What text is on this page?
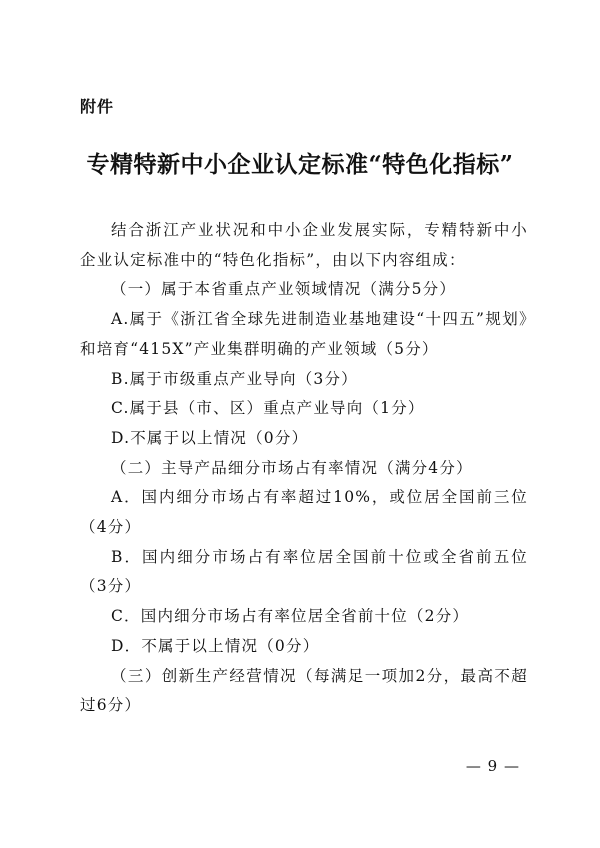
附件
专精特新中小企业认定标准“特色化指标”

结合浙江产业状况和中小企业发展实际，专精特新中小企业认定标准中的“特色化指标”，由以下内容组成：

（一）属于本省重点产业领域情况（满分5分）

A.属于《浙江省全球先进制造业基地建设“十四五”规划》和培育“415X”产业集群明确的产业领域（5分）

B.属于市级重点产业导向（3分）

C.属于县（市、区）重点产业导向（1分）

D.不属于以上情况（0分）

（二）主导产品细分市场占有率情况（满分4分）

A．国内细分市场占有率超过10%，或位居全国前三位（4分）

B．国内细分市场占有率位居全国前十位或全省前五位（3分）

C．国内细分市场占有率位居全省前十位（2分）

D．不属于以上情况（0分）

（三）创新生产经营情况（每满足一项加2分，最高不超过6分）

— 9 —
